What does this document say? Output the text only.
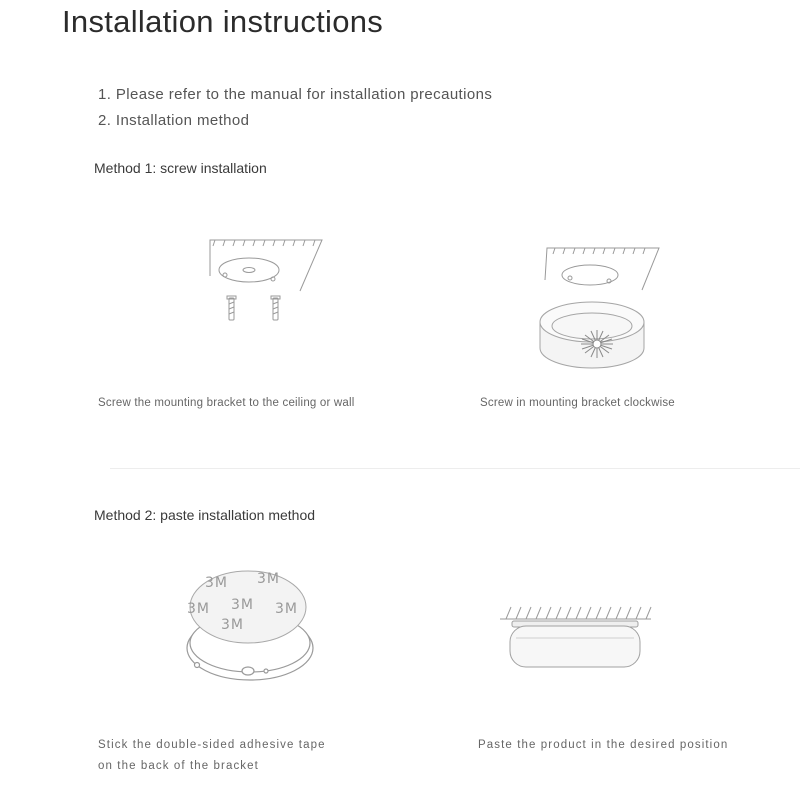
Installation instructions
1. Please refer to the manual for installation precautions
2. Installation method
Method 1: screw installation
Screw the mounting bracket to the ceiling or wall	Screw in mounting bracket clockwise
Method 2: paste installation method
3M
3M 3M
3M
3M
3M
Stick the double-sided adhesive tape
on the back of the bracket
Paste the product in the desired position
